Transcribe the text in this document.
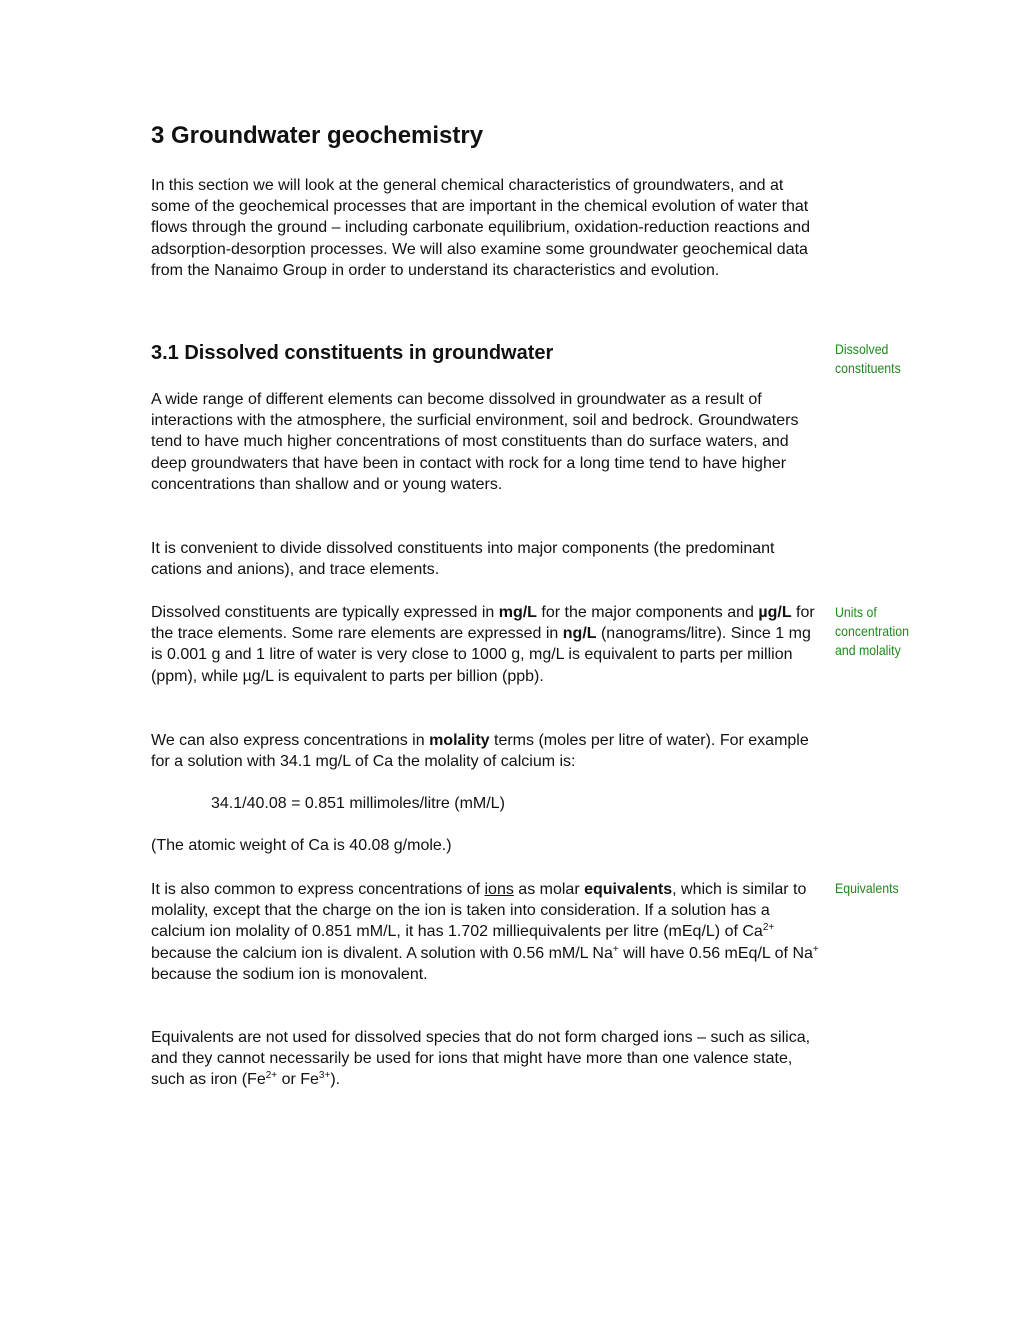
3 Groundwater geochemistry

In this section we will look at the general chemical characteristics of groundwaters, and at some of the geochemical processes that are important in the chemical evolution of water that flows through the ground – including carbonate equilibrium, oxidation-reduction reactions and adsorption-desorption processes. We will also examine some groundwater geochemical data from the Nanaimo Group in order to understand its characteristics and evolution.

3.1 Dissolved constituents in groundwater	Dissolved
constituents

A wide range of different elements can become dissolved in groundwater as a result of interactions with the atmosphere, the surficial environment, soil and bedrock. Groundwaters tend to have much higher concentrations of most constituents than do surface waters, and deep groundwaters that have been in contact with rock for a long time tend to have higher concentrations than shallow and or young waters.

It is convenient to divide dissolved constituents into major components (the predominant cations and anions), and trace elements.

Dissolved constituents are typically expressed in mg/L for the major components and µg/L for the trace elements. Some rare elements are expressed in ng/L (nanograms/litre). Since 1 mg is 0.001 g and 1 litre of water is very close to 1000 g, mg/L is equivalent to parts per million (ppm), while µg/L is equivalent to parts per billion (ppb).

Units of
concentration
and molality

We can also express concentrations in molality terms (moles per litre of water). For example for a solution with 34.1 mg/L of Ca the molality of calcium is:

34.1/40.08 = 0.851 millimoles/litre (mM/L)

(The atomic weight of Ca is 40.08 g/mole.)

It is also common to express concentrations of ions as molar equivalents, which is similar to molality, except that the charge on the ion is taken into consideration. If a solution has a calcium ion molality of 0.851 mM/L, it has 1.702 milliequivalents per litre (mEq/L) of $Ca^{2+}$ because the calcium ion is divalent. A solution with 0.56 mM/L Na+ will have 0.56 mEq/L of Na+ because the sodium ion is monovalent.

Equivalents

Equivalents are not used for dissolved species that do not form charged ions – such as silica, and they cannot necessarily be used for ions that might have more than one valence state, such as iron ($Fe^{2+}$ or $Fe^{3+}$).
